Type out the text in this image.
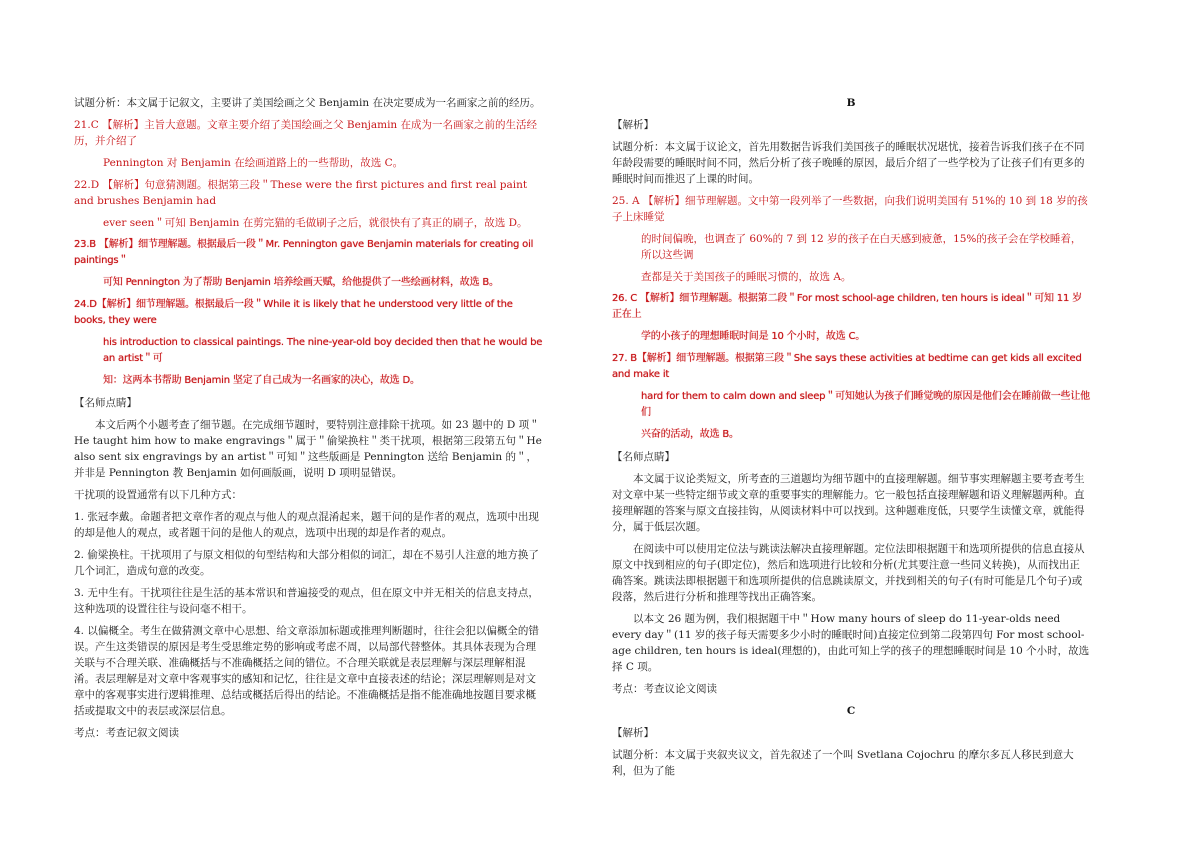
试题分析：本文属于记叙文，主要讲了美国绘画之父 Benjamin 在决定要成为一名画家之前的经历。

21.C 【解析】主旨大意题。文章主要介绍了美国绘画之父 Benjamin 在成为一名画家之前的生活经历，并介绍了

Pennington 对 Benjamin 在绘画道路上的一些帮助，故选 C。

22.D 【解析】句意猜测题。根据第三段＂These were the first pictures and first real paint and brushes Benjamin had

ever seen＂可知 Benjamin 在剪完猫的毛做刷子之后，就很快有了真正的刷子，故选 D。

23.B 【解析】细节理解题。根据最后一段＂Mr. Pennington gave Benjamin materials for creating oil paintings＂

可知 Pennington 为了帮助 Benjamin 培养绘画天赋，给他提供了一些绘画材料，故选 B。

24.D【解析】细节理解题。根据最后一段＂While it is likely that he understood very little of the books, they were

his introduction to classical paintings. The nine-year-old boy decided then that he would be an artist＂可

知：这两本书帮助 Benjamin 坚定了自己成为一名画家的决心，故选 D。

【名师点睛】

本文后两个小题考查了细节题。在完成细节题时，要特别注意排除干扰项。如 23 题中的 D 项＂He taught him how to make engravings＂属于＂偷梁换柱＂类干扰项，根据第三段第五句＂He also sent six engravings by an artist＂可知＂这些版画是 Pennington 送给 Benjamin 的＂，并非是 Pennington 教 Benjamin 如何画版画，说明 D 项明显错误。

干扰项的设置通常有以下几种方式：

1. 张冠李戴。命题者把文章作者的观点与他人的观点混淆起来，题干问的是作者的观点，选项中出现的却是他人的观点，或者题干问的是他人的观点，选项中出现的却是作者的观点。

2. 偷梁换柱。干扰项用了与原文相似的句型结构和大部分相似的词汇，却在不易引人注意的地方换了几个词汇，造成句意的改变。

3. 无中生有。干扰项往往是生活的基本常识和普遍接受的观点，但在原文中并无相关的信息支持点，这种选项的设置往往与设问毫不相干。

4. 以偏概全。考生在做猜测文章中心思想、给文章添加标题或推理判断题时，往往会犯以偏概全的错误。产生这类错误的原因是考生受思维定势的影响或考虑不周，以局部代替整体。其具体表现为合理关联与不合理关联、准确概括与不准确概括之间的错位。不合理关联就是表层理解与深层理解相混淆。表层理解是对文章中客观事实的感知和记忆，往往是文章中直接表述的结论；深层理解则是对文章中的客观事实进行逻辑推理、总结或概括后得出的结论。不准确概括是指不能准确地按题目要求概括或提取文中的表层或深层信息。

考点：考查记叙文阅读

B

【解析】

试题分析：本文属于议论文，首先用数据告诉我们美国孩子的睡眠状况堪忧，接着告诉我们孩子在不同年龄段需要的睡眠时间不同，然后分析了孩子晚睡的原因，最后介绍了一些学校为了让孩子们有更多的睡眠时间而推迟了上课的时间。

25. A 【解析】细节理解题。文中第一段列举了一些数据，向我们说明美国有 51%的 10 到 18 岁的孩子上床睡觉

的时间偏晚，也调查了 60%的 7 到 12 岁的孩子在白天感到疲惫，15%的孩子会在学校睡着，所以这些调

查都是关于美国孩子的睡眠习惯的，故选 A。

26. C 【解析】细节理解题。根据第二段＂For most school-age children, ten hours is ideal＂可知 11 岁正在上

学的小孩子的理想睡眠时间是 10 个小时，故选 C。

27. B【解析】细节理解题。根据第三段＂She says these activities at bedtime can get kids all excited and make it

hard for them to calm down and sleep＂可知她认为孩子们睡觉晚的原因是他们会在睡前做一些让他们

兴奋的活动，故选 B。

【名师点睛】

本文属于议论类短文，所考查的三道题均为细节题中的直接理解题。细节事实理解题主要考查考生对文章中某一些特定细节或文章的重要事实的理解能力。它一般包括直接理解题和语义理解题两种。直接理解题的答案与原文直接挂钩，从阅读材料中可以找到。这种题难度低，只要学生读懂文章，就能得分，属于低层次题。

在阅读中可以使用定位法与跳读法解决直接理解题。定位法即根据题干和选项所提供的信息直接从原文中找到相应的句子(即定位)，然后和选项进行比较和分析(尤其要注意一些同义转换)，从而找出正确答案。跳读法即根据题干和选项所提供的信息跳读原文，并找到相关的句子(有时可能是几个句子)或段落，然后进行分析和推理等找出正确答案。

以本文 26 题为例，我们根据题干中＂How many hours of sleep do 11-year-olds need every day＂(11 岁的孩子每天需要多少小时的睡眠时间)直接定位到第二段第四句 For most school-age children, ten hours is ideal(理想的)，由此可知上学的孩子的理想睡眠时间是 10 个小时，故选择 C 项。

考点：考查议论文阅读

C

【解析】

试题分析：本文属于夹叙夹议文，首先叙述了一个叫 Svetlana Cojochru 的摩尔多瓦人移民到意大利，但为了能
